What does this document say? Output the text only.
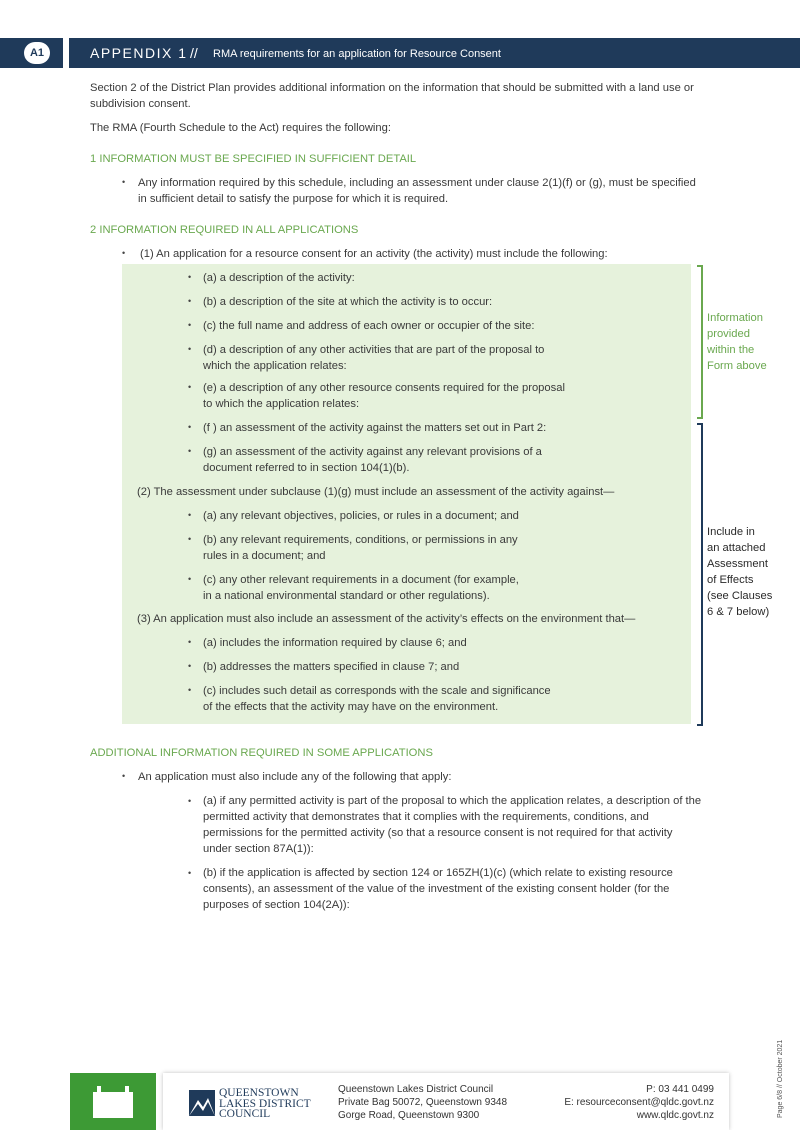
A1	APPENDIX 1 // RMA requirements for an application for Resource Consent
Section 2 of the District Plan provides additional information on the information that should be submitted with a land use or
subdivision consent.
The RMA (Fourth Schedule to the Act) requires the following:
1 INFORMATION MUST BE SPECIFIED IN SUFFICIENT DETAIL
• Any information required by this schedule, including an assessment under clause 2(1)(f) or (g), must be specified
in sufficient detail to satisfy the purpose for which it is required.
2 INFORMATION REQUIRED IN ALL APPLICATIONS
• (1) An application for a resource consent for an activity (the activity) must include the following:
• (a) a description of the activity:
• (b) a description of the site at which the activity is to occur:
• (c) the full name and address of each owner or occupier of the site:
• (d) a description of any other activities that are part of the proposal to
which the application relates:
• (e) a description of any other resource consents required for the proposal
to which the application relates:
• (f ) an assessment of the activity against the matters set out in Part 2:
• (g) an assessment of the activity against any relevant provisions of a
document referred to in section 104(1)(b).
(2) The assessment under subclause (1)(g) must include an assessment of the activity against—
• (a) any relevant objectives, policies, or rules in a document; and
• (b) any relevant requirements, conditions, or permissions in any
rules in a document; and
• (c) any other relevant requirements in a document (for example,
in a national environmental standard or other regulations).
(3) An application must also include an assessment of the activity’s effects on the environment that—
• (a) includes the information required by clause 6; and
• (b) addresses the matters specified in clause 7; and
• (c) includes such detail as corresponds with the scale and significance
of the effects that the activity may have on the environment.
Information
provided
within the
Form above
Include in
an attached
Assessment
of Effects
(see Clauses
6 & 7 below)
ADDITIONAL INFORMATION REQUIRED IN SOME APPLICATIONS
• An application must also include any of the following that apply:
• (a) if any permitted activity is part of the proposal to which the application relates, a description of the
permitted activity that demonstrates that it complies with the requirements, conditions, and
permissions for the permitted activity (so that a resource consent is not required for that activity
under section 87A(1)):
• (b) if the application is affected by section 124 or 165ZH(1)(c) (which relate to existing resource
consents), an assessment of the value of the investment of the existing consent holder (for the
purposes of section 104(2A)):
Page 6/8 // October 2021
QUEENSTOWN
LAKES DISTRICT
COUNCIL
Queenstown Lakes District Council
Private Bag 50072, Queenstown 9348
Gorge Road, Queenstown 9300
P: 03 441 0499
E: resourceconsent@qldc.govt.nz
www.qldc.govt.nz
